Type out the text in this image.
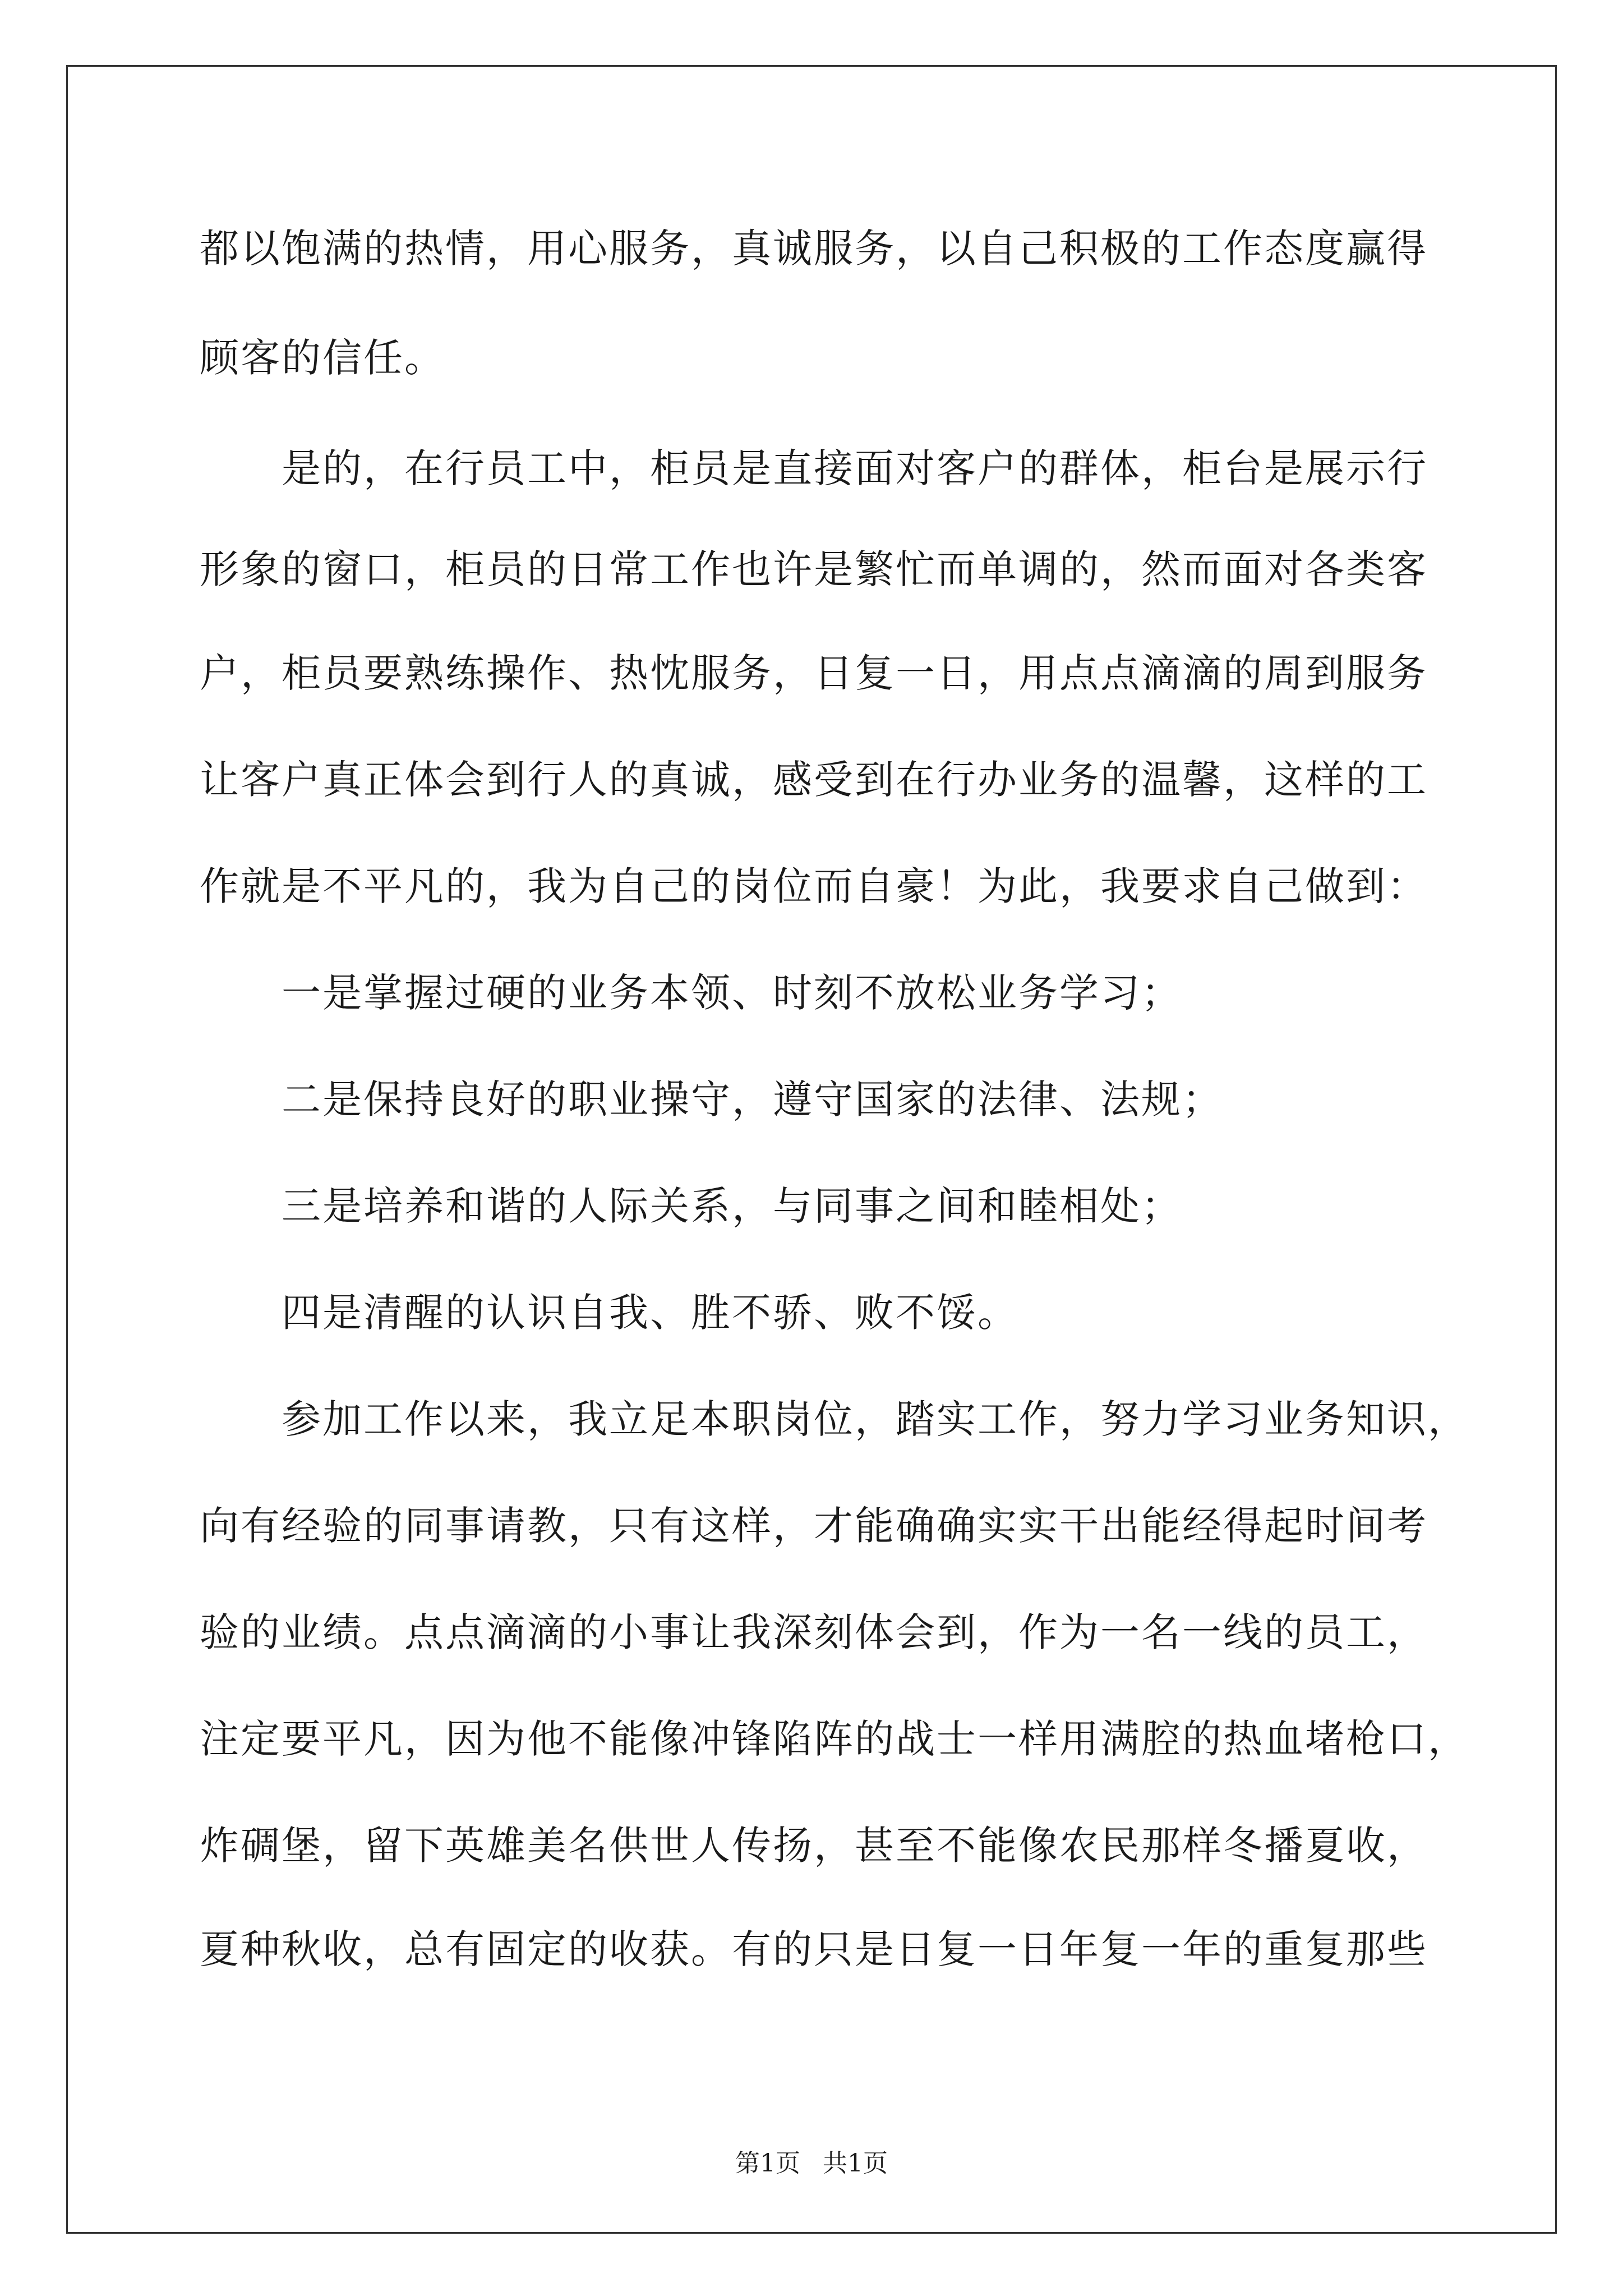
都以饱满的热情，用心服务，真诚服务，以自己积极的工作态度赢得
顾客的信任。
　　是的，在行员工中，柜员是直接面对客户的群体，柜台是展示行
形象的窗口，柜员的日常工作也许是繁忙而单调的，然而面对各类客
户，柜员要熟练操作、热忱服务，日复一日，用点点滴滴的周到服务
让客户真正体会到行人的真诚，感受到在行办业务的温馨，这样的工
作就是不平凡的，我为自己的岗位而自豪！为此，我要求自己做到：
　　一是掌握过硬的业务本领、时刻不放松业务学习；
　　二是保持良好的职业操守，遵守国家的法律、法规；
　　三是培养和谐的人际关系，与同事之间和睦相处；
　　四是清醒的认识自我、胜不骄、败不馁。
　　参加工作以来，我立足本职岗位，踏实工作，努力学习业务知识，
向有经验的同事请教，只有这样，才能确确实实干出能经得起时间考
验的业绩。点点滴滴的小事让我深刻体会到，作为一名一线的员工，
注定要平凡，因为他不能像冲锋陷阵的战士一样用满腔的热血堵枪口，
炸碉堡，留下英雄美名供世人传扬，甚至不能像农民那样冬播夏收，
夏种秋收，总有固定的收获。有的只是日复一日年复一年的重复那些
第1页 共1页
